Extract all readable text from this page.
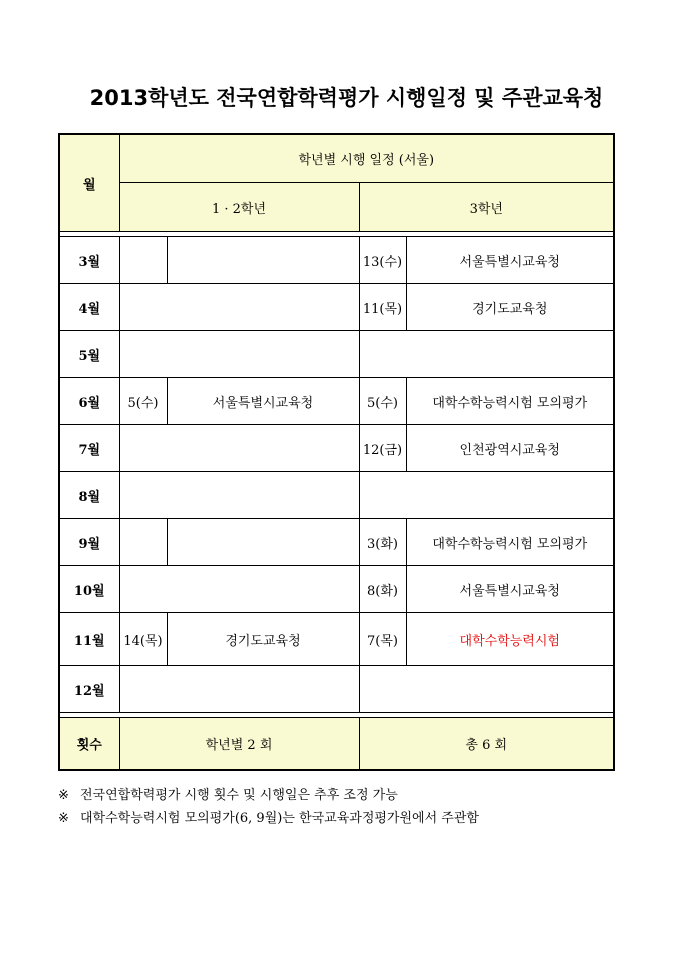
2013학년도 전국연합학력평가 시행일정 및 주관교육청
월	학년별 시행 일정 (서울)			
	1 · 2학년		3학년	

3월			13(수)	서울특별시교육청
4월			11(목)	경기도교육청
5월				
6월	5(수)	서울특별시교육청	5(수)	대학수학능력시험 모의평가
7월			12(금)	인천광역시교육청
8월				
9월			3(화)	대학수학능력시험 모의평가
10월			8(화)	서울특별시교육청
11월	14(목)	경기도교육청	7(목)	대학수학능력시험
12월				

횟수	학년별 2 회		총 6 회	
※ 전국연합학력평가 시행 횟수 및 시행일은 추후 조정 가능
※ 대학수학능력시험 모의평가(6, 9월)는 한국교육과정평가원에서 주관함
